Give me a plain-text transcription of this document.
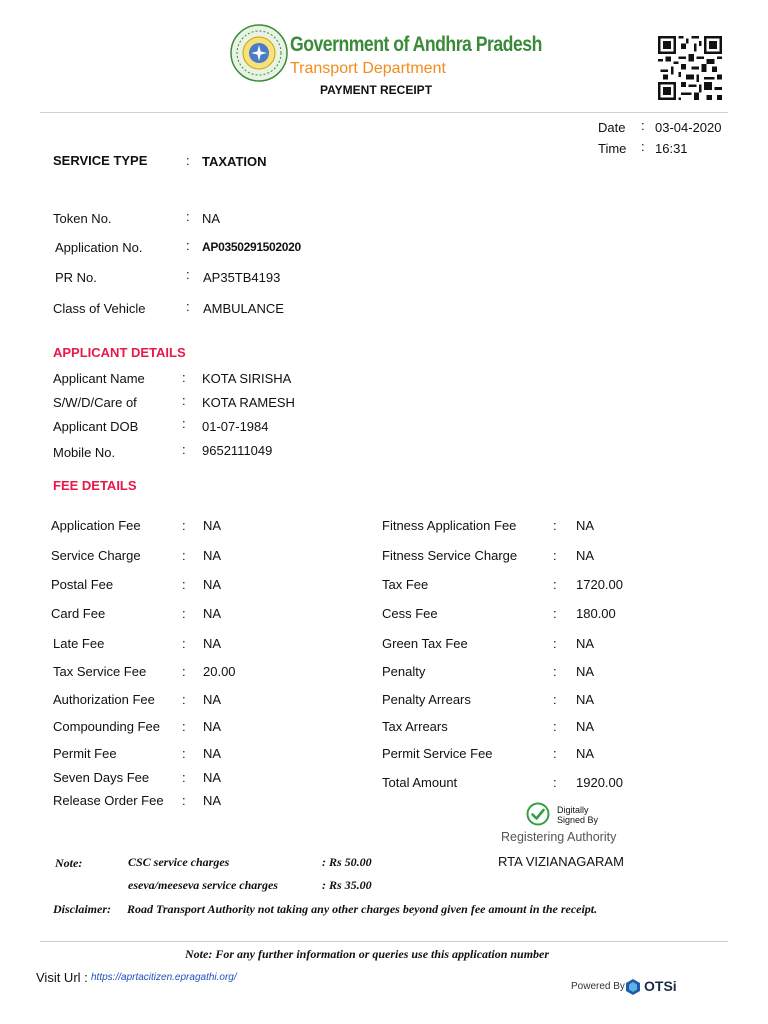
Government of Andhra Pradesh
Transport Department
PAYMENT RECEIPT
Date : 03-04-2020
Time : 16:31
SERVICE TYPE	: TAXATION
Token No.	: NA
Application No.	: AP0350291502020
PR No.	: AP35TB4193
Class of Vehicle	: AMBULANCE
APPLICANT DETAILS
Applicant Name	: KOTA SIRISHA
S/W/D/Care of	: KOTA RAMESH
Applicant DOB	: 01-07-1984
Mobile No.	: 9652111049
FEE DETAILS
Application Fee	: NA
Service Charge	: NA
Postal Fee	: NA
Card Fee	: NA
Late Fee	: NA
Tax Service Fee	: 20.00
Authorization Fee : NA
Compounding Fee : NA
Permit Fee	: NA
Seven Days Fee	: NA
Release Order Fee : NA
Fitness Application Fee	: NA
Fitness Service Charge	: NA
Tax Fee	: 1720.00
Cess Fee	: 180.00
Green Tax Fee	: NA
Penalty	: NA
Penalty Arrears	: NA
Tax Arrears	: NA
Permit Service Fee	: NA
Total Amount	: 1920.00
Digitally
Signed By
Registering Authority
RTA VIZIANAGARAM
Note:	CSC service charges	: Rs 50.00
eseva/meeseva service charges	: Rs 35.00
Disclaimer: Road Transport Authority not taking any other charges beyond given fee amount in the receipt.
Note: For any further information or queries use this application number
Visit Url : https://aprtacitizen.epragathi.org/
Powered By OTSi
